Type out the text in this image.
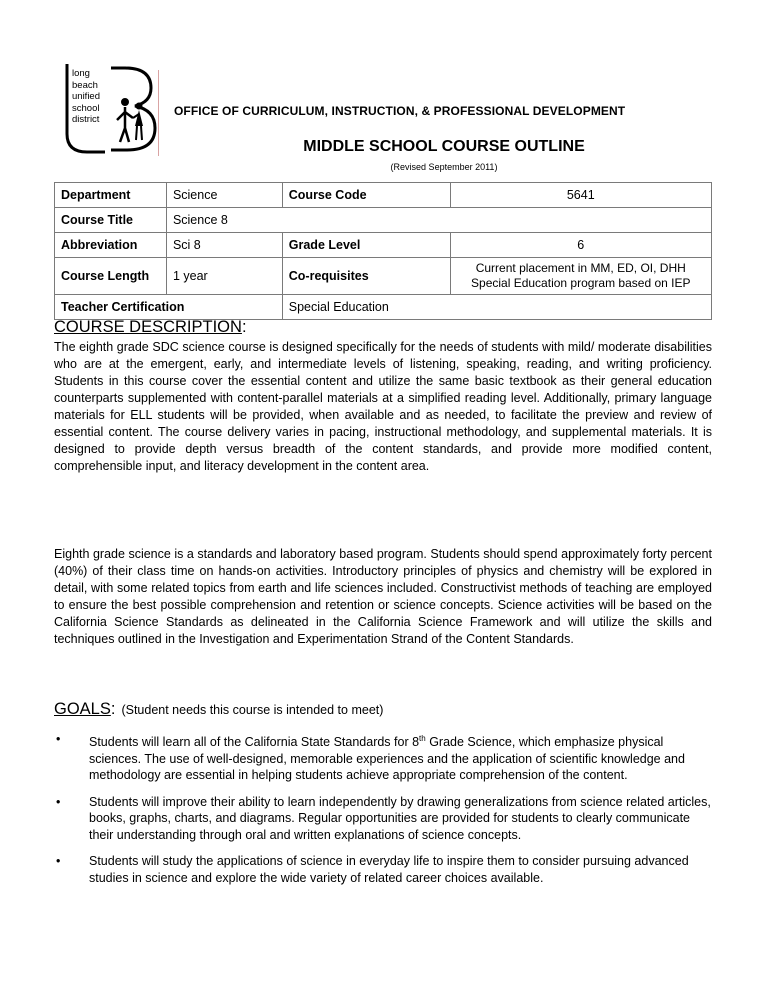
long
beach
unified
school
district
OFFICE OF CURRICULUM, INSTRUCTION, & PROFESSIONAL DEVELOPMENT
MIDDLE SCHOOL COURSE OUTLINE
(Revised September 2011)
Department	Science	Course Code	5641
Course Title	Science 8		
Abbreviation	Sci 8	Grade Level	6
Course Length	1 year	Co-requisites	Current placement in MM, ED, OI, DHH
Special Education program based on IEP

Teacher Certification		Special Education	
COURSE DESCRIPTION:

The eighth grade SDC science course is designed specifically for the needs of students with mild/ moderate disabilities who are at the emergent, early, and intermediate levels of listening, speaking, reading, and writing proficiency. Students in this course cover the essential content and utilize the same basic textbook as their general education counterparts supplemented with content-parallel materials at a simplified reading level. Additionally, primary language materials for ELL students will be provided, when available and as needed, to facilitate the preview and review of essential content. The course delivery varies in pacing, instructional methodology, and supplemental materials. It is designed to provide depth versus breadth of the content standards, and provide more modified content, comprehensible input, and literacy development in the content area.

Eighth grade science is a standards and laboratory based program. Students should spend approximately forty percent (40%) of their class time on hands-on activities. Introductory principles of physics and chemistry will be explored in detail, with some related topics from earth and life sciences included. Constructivist methods of teaching are employed to ensure the best possible comprehension and retention or science concepts. Science activities will be based on the California Science Standards as delineated in the California Science Framework and will utilize the skills and techniques outlined in the Investigation and Experimentation Strand of the Content Standards.

GOALS: (Student needs this course is intended to meet)
• Students will learn all of the California State Standards for 8th Grade Science, which emphasize physical sciences. The use of well-designed, memorable experiences and the application of scientific knowledge and methodology are essential in helping students achieve appropriate comprehension of the content.
• Students will improve their ability to learn independently by drawing generalizations from science related articles, books, graphs, charts, and diagrams. Regular opportunities are provided for students to clearly communicate their understanding through oral and written explanations of science concepts.
• Students will study the applications of science in everyday life to inspire them to consider pursuing advanced studies in science and explore the wide variety of related career choices available.
